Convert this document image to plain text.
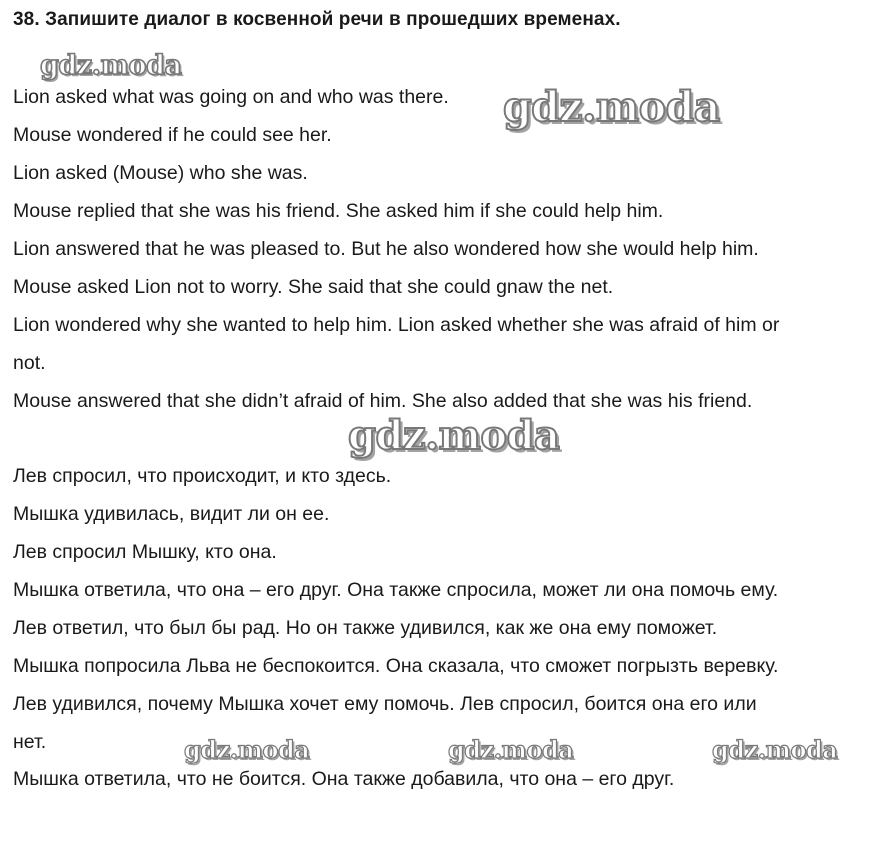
38. Запишите диалог в косвенной речи в прошедших временах.
Lion asked what was going on and who was there.
Mouse wondered if he could see her.
Lion asked (Mouse) who she was.
Mouse replied that she was his friend. She asked him if she could help him.
Lion answered that he was pleased to. But he also wondered how she would help him.
Mouse asked Lion not to worry. She said that she could gnaw the net.
Lion wondered why she wanted to help him. Lion asked whether she was afraid of him or
not.
Mouse answered that she didn’t afraid of him. She also added that she was his friend.
Лев спросил, что происходит, и кто здесь.
Мышка удивилась, видит ли он ее.
Лев спросил Мышку, кто она.
Мышка ответила, что она – его друг. Она также спросила, может ли она помочь ему.
Лев ответил, что был бы рад. Но он также удивился, как же она ему поможет.
Мышка попросила Льва не беспокоится. Она сказала, что сможет погрызть веревку.
Лев удивился, почему Мышка хочет ему помочь. Лев спросил, боится она его или
нет.
Мышка ответила, что не боится. Она также добавила, что она – его друг.
gdz.moda
gdz.moda
gdz.moda
gdz.moda	gdz.moda	gdz.moda
